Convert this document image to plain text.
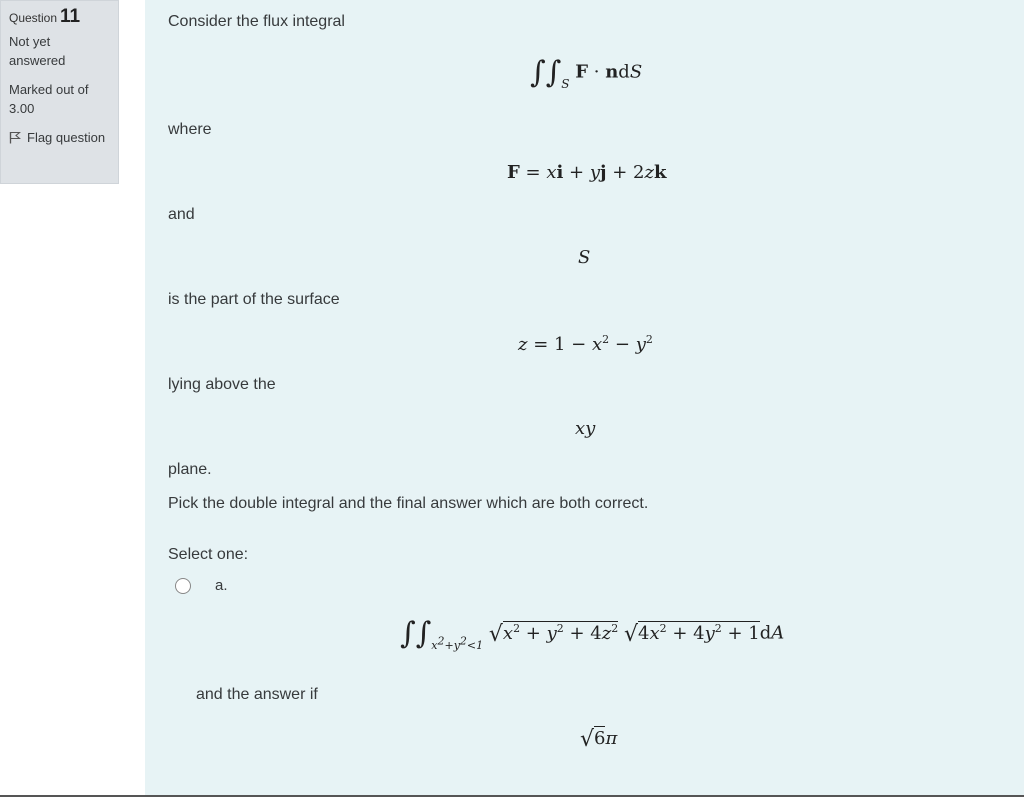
Question 11
Not yet answered
Marked out of 3.00
Flag question
Consider the flux integral
$\int\int_S$ F · ndS
where
F = xi + yj + 2zk
and
S
is the part of the surface
$z = 1 - x^2 - y^2$
lying above the
xy
plane.
Pick the double integral and the final answer which are both correct.
Select one:
a.
$\int\int_{x^2+y^2<1}$ $√x^2 + y^2 + 4z^2$ $√4x^2 + 4y^2 + 1dA$
and the answer if
√6π
